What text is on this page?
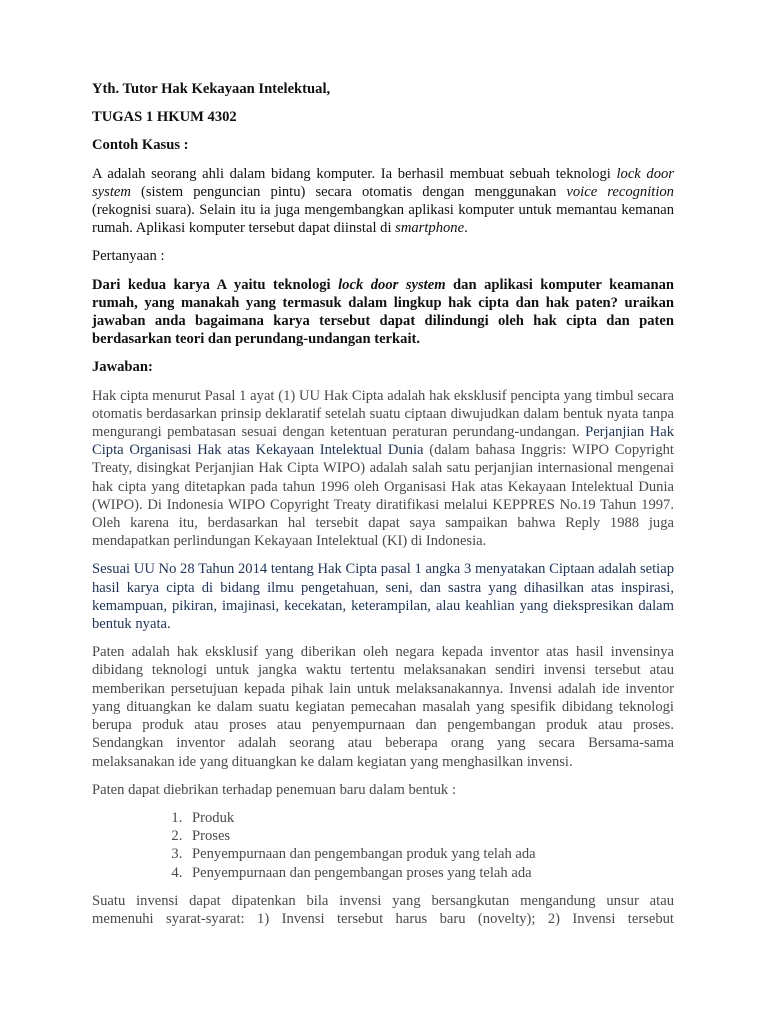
Yth. Tutor Hak Kekayaan Intelektual,

TUGAS 1 HKUM 4302

Contoh Kasus :

A adalah seorang ahli dalam bidang komputer. Ia berhasil membuat sebuah teknologi lock door system (sistem penguncian pintu) secara otomatis dengan menggunakan voice recognition (rekognisi suara). Selain itu ia juga mengembangkan aplikasi komputer untuk memantau kemanan rumah. Aplikasi komputer tersebut dapat diinstal di smartphone.

Pertanyaan :

Dari kedua karya A yaitu teknologi lock door system dan aplikasi komputer keamanan rumah, yang manakah yang termasuk dalam lingkup hak cipta dan hak paten? uraikan jawaban anda bagaimana karya tersebut dapat dilindungi oleh hak cipta dan paten berdasarkan teori dan perundang-undangan terkait.

Jawaban:

Hak cipta menurut Pasal 1 ayat (1) UU Hak Cipta adalah hak eksklusif pencipta yang timbul secara otomatis berdasarkan prinsip deklaratif setelah suatu ciptaan diwujudkan dalam bentuk nyata tanpa mengurangi pembatasan sesuai dengan ketentuan peraturan perundang-undangan. Perjanjian Hak Cipta Organisasi Hak atas Kekayaan Intelektual Dunia (dalam bahasa Inggris: WIPO Copyright Treaty, disingkat Perjanjian Hak Cipta WIPO) adalah salah satu perjanjian internasional mengenai hak cipta yang ditetapkan pada tahun 1996 oleh Organisasi Hak atas Kekayaan Intelektual Dunia (WIPO). Di Indonesia WIPO Copyright Treaty diratifikasi melalui KEPPRES No.19 Tahun 1997. Oleh karena itu, berdasarkan hal tersebit dapat saya sampaikan bahwa Reply 1988 juga mendapatkan perlindungan Kekayaan Intelektual (KI) di Indonesia.

Sesuai UU No 28 Tahun 2014 tentang Hak Cipta pasal 1 angka 3 menyatakan Ciptaan adalah setiap hasil karya cipta di bidang ilmu pengetahuan, seni, dan sastra yang dihasilkan atas inspirasi, kemampuan, pikiran, imajinasi, kecekatan, keterampilan, alau keahlian yang diekspresikan dalam bentuk nyata.

Paten adalah hak eksklusif yang diberikan oleh negara kepada inventor atas hasil invensinya dibidang teknologi untuk jangka waktu tertentu melaksanakan sendiri invensi tersebut atau memberikan persetujuan kepada pihak lain untuk melaksanakannya. Invensi adalah ide inventor yang dituangkan ke dalam suatu kegiatan pemecahan masalah yang spesifik dibidang teknologi berupa produk atau proses atau penyempurnaan dan pengembangan produk atau proses. Sendangkan inventor adalah seorang atau beberapa orang yang secara Bersama-sama melaksanakan ide yang dituangkan ke dalam kegiatan yang menghasilkan invensi.

Paten dapat diebrikan terhadap penemuan baru dalam bentuk :

1. Produk
2. Proses
3. Penyempurnaan dan pengembangan produk yang telah ada
4. Penyempurnaan dan pengembangan proses yang telah ada
Suatu invensi dapat dipatenkan bila invensi yang bersangkutan mengandung unsur atau
memenuhi syarat-syarat: 1) Invensi tersebut harus baru (novelty); 2) Invensi tersebut
